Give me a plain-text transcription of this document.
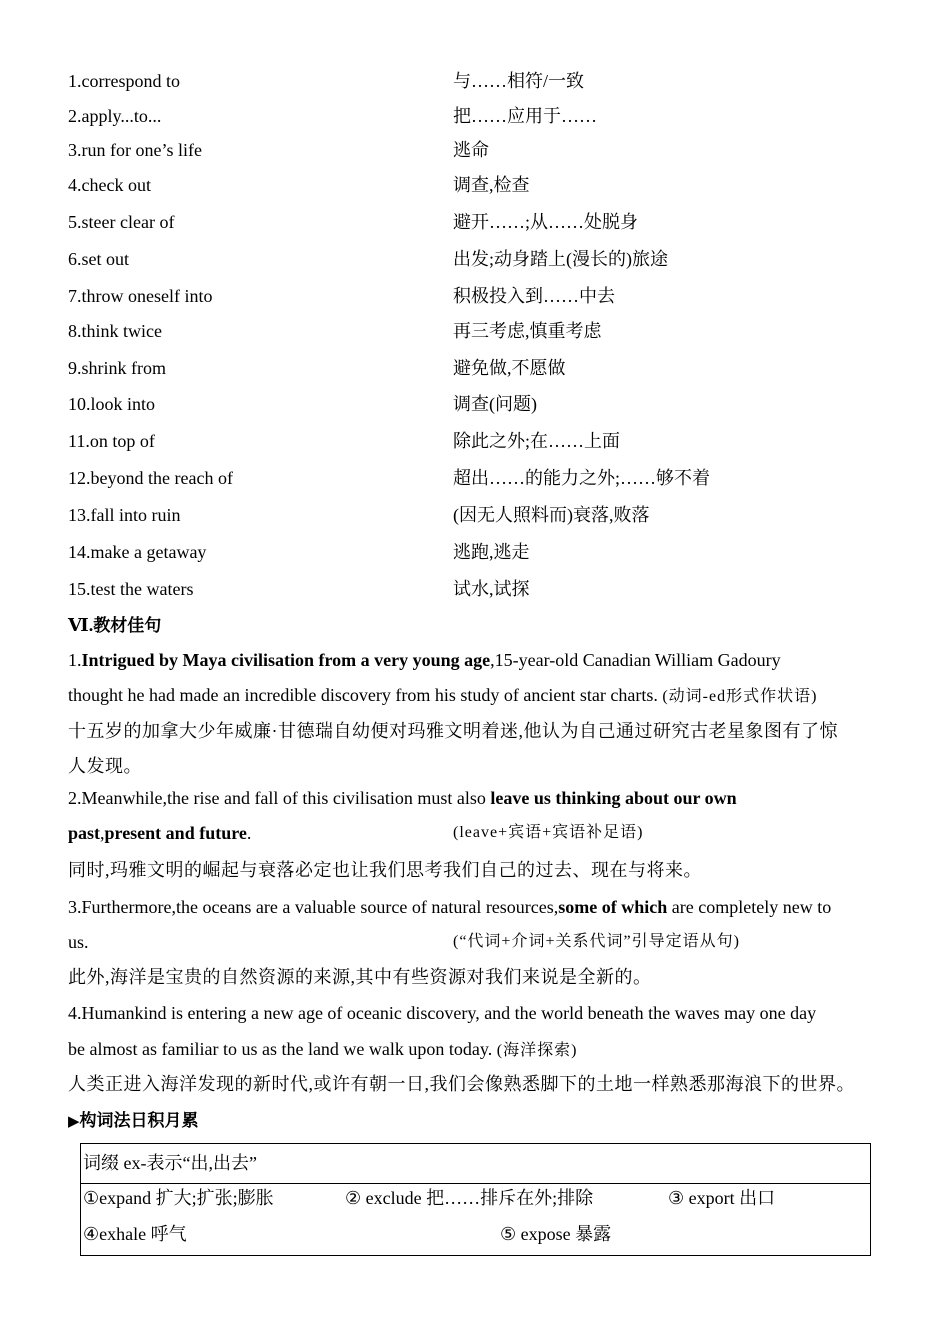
1.correspond to	与……相符/一致
2.apply...to...	把……应用于……
3.run for one’s life	逃命
4.check out	调查,检查
5.steer clear of	避开……;从……处脱身
6.set out	出发;动身踏上(漫长的)旅途
7.throw oneself into	积极投入到……中去
8.think twice	再三考虑,慎重考虑
9.shrink from	避免做,不愿做
10.look into	调查(问题)
11.on top of	除此之外;在……上面
12.beyond the reach of	超出……的能力之外;……够不着
13.fall into ruin	(因无人照料而)衰落,败落
14.make a getaway	逃跑,逃走
15.test the waters	试水,试探
Ⅵ.教材佳句
1.Intrigued by Maya civilisation from a very young age,15-year-old Canadian William Gadoury
thought he had made an incredible discovery from his study of ancient star charts. (动词-ed形式作状语)
十五岁的加拿大少年威廉·甘德瑞自幼便对玛雅文明着迷,他认为自己通过研究古老星象图有了惊
人发现。
2.Meanwhile,the rise and fall of this civilisation must also leave us thinking about our own
past,present and future.	(leave+宾语+宾语补足语)
同时,玛雅文明的崛起与衰落必定也让我们思考我们自己的过去、现在与将来。
3.Furthermore,the oceans are a valuable source of natural resources,some of which are completely new to
us.	(“代词+介词+关系代词”引导定语从句)
此外,海洋是宝贵的自然资源的来源,其中有些资源对我们来说是全新的。
4.Humankind is entering a new age of oceanic discovery, and the world beneath the waves may one day
be almost as familiar to us as the land we walk upon today. (海洋探索)
人类正进入海洋发现的新时代,或许有朝一日,我们会像熟悉脚下的土地一样熟悉那海浪下的世界。
▶构词法日积月累
词缀 ex-表示“出,出去”
①expand 扩大;扩张;膨胀	② exclude 把……排斥在外;排除	③ export 出口
④exhale 呼气	⑤ expose 暴露
